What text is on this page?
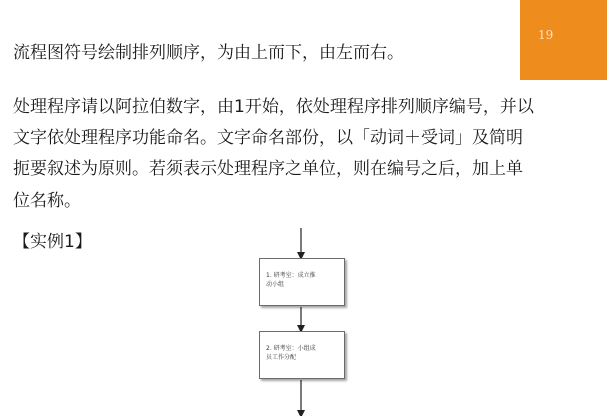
19
流程图符号绘制排列顺序，为由上而下，由左而右。
处理程序请以阿拉伯数字，由1开始，依处理程序排列顺序编号，并以
文字依处理程序功能命名。文字命名部份，以「动词＋受词」及简明
扼要叙述为原则。若须表示处理程序之单位，则在编号之后，加上单
位名称。
【实例1】
1. 研考室：成立推
动小组
2. 研考室：小组成
员工作分配
